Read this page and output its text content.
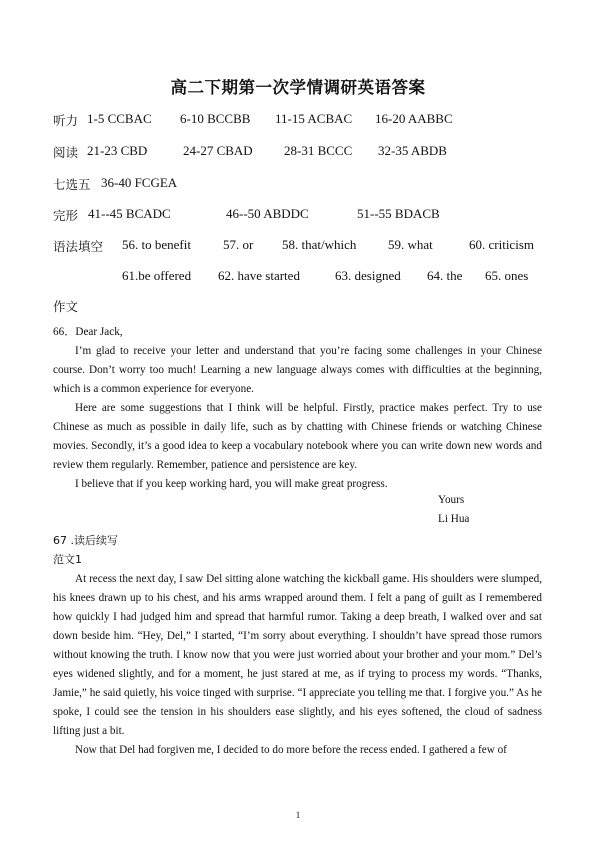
高二下期第一次学情调研英语答案
听力 1-5 CCBAC 6-10 BCCBB 11-15 ACBAC 16-20 AABBC
阅读 21-23 CBD	24-27 CBAD 28-31 BCCC 32-35 ABDB
七选五 36-40 FCGEA
完形 41--45 BCADC	46--50 ABDDC	51--55 BDACB
语法填空 56. to benefit 57. or 58. that/which 59. what	60. criticism
61.be offered 62. have started	63. designed 64. the 65. ones
作文
66．Dear Jack,
I’m glad to receive your letter and understand that you’re facing some challenges in your Chinese course. Don’t worry too much! Learning a new language always comes with difficulties at the beginning, which is a common experience for everyone.
Here are some suggestions that I think will be helpful. Firstly, practice makes perfect. Try to use Chinese as much as possible in daily life, such as by chatting with Chinese friends or watching Chinese movies. Secondly, it’s a good idea to keep a vocabulary notebook where you can write down new words and review them regularly. Remember, patience and persistence are key.
I believe that if you keep working hard, you will make great progress.
Yours
Li Hua
67 .读后续写
范文1
At recess the next day, I saw Del sitting alone watching the kickball game. His shoulders were slumped, his knees drawn up to his chest, and his arms wrapped around them. I felt a pang of guilt as I remembered how quickly I had judged him and spread that harmful rumor. Taking a deep breath, I walked over and sat down beside him. “Hey, Del,” I started, “I’m sorry about everything. I shouldn’t have spread those rumors without knowing the truth. I know now that you were just worried about your brother and your mom.” Del’s eyes widened slightly, and for a moment, he just stared at me, as if trying to process my words. “Thanks, Jamie,” he said quietly, his voice tinged with surprise. “I appreciate you telling me that. I forgive you.” As he spoke, I could see the tension in his shoulders ease slightly, and his eyes softened, the cloud of sadness lifting just a bit.
Now that Del had forgiven me, I decided to do more before the recess ended. I gathered a few of
1
